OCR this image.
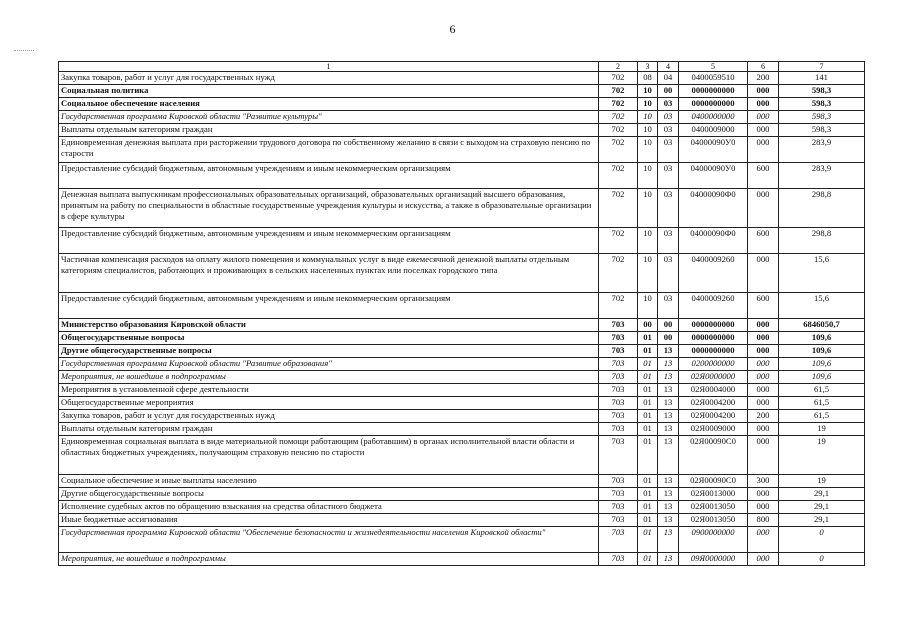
6
1	2	3	4	5	6	7
Закупка товаров, работ и услуг для государственных нужд	702	08	04	0400059510	200	141
Социальная политика	702	10	00	0000000000	000	598,3
Социальное обеспечение населения	702	10	03	0000000000	000	598,3
Государственная программа Кировской области "Развитие культуры"	702	10	03	0400000000	000	598,3
Выплаты отдельным категориям граждан	702	10	03	0400009000	000	598,3
Единовременная денежная выплата при расторжении трудового договора по собственному желанию в связи с выходом на страховую пенсию по старости	702	10	03	04000090У0	000	283,9
Предоставление субсидий бюджетным, автономным учреждениям и иным некоммерческим организациям	702	10	03	04000090У0	600	283,9
Денежная выплата выпускникам профессиональных образовательных организаций, образовательных организаций высшего образования, принятым на работу по специальности в областные государственные учреждения культуры и искусства, а также в образовательные организации в сфере культуры	702	10	03	04000090Ф0	000	298,8
Предоставление субсидий бюджетным, автономным учреждениям и иным некоммерческим организациям	702	10	03	04000090Ф0	600	298,8
Частичная компенсация расходов на оплату жилого помещения и коммунальных услуг в виде ежемесячной денежной выплаты отдельным категориям специалистов, работающих и проживающих в сельских населенных пунктах или поселках городского типа	702	10	03	0400009260	000	15,6
Предоставление субсидий бюджетным, автономным учреждениям и иным некоммерческим организациям	702	10	03	0400009260	600	15,6
Министерство образования Кировской области	703	00	00	0000000000	000	6846050,7
Общегосударственные вопросы	703	01	00	0000000000	000	109,6
Другие общегосударственные вопросы	703	01	13	0000000000	000	109,6
Государственная программа Кировской области "Развитие образования"	703	01	13	0200000000	000	109,6
Мероприятия, не вошедшие в подпрограммы	703	01	13	02Я0000000	000	109,6
Мероприятия в установленной сфере деятельности	703	01	13	02Я0004000	000	61,5
Общегосударственные мероприятия	703	01	13	02Я0004200	000	61,5
Закупка товаров, работ и услуг для государственных нужд	703	01	13	02Я0004200	200	61,5
Выплаты отдельным категориям граждан	703	01	13	02Я0009000	000	19
Единовременная социальная выплата в виде материальной помощи работающим (работавшим) в органах исполнительной власти области и областных бюджетных учреждениях, получающим страховую пенсию по старости	703	01	13	02Я00090С0	000	19
Социальное обеспечение и иные выплаты населению	703	01	13	02Я00090С0	300	19
Другие общегосударственные вопросы	703	01	13	02Я0013000	000	29,1
Исполнение судебных актов по обращению взыскания на средства областного бюджета	703	01	13	02Я0013050	000	29,1
Иные бюджетные ассигнования	703	01	13	02Я0013050	800	29,1
Государственная программа Кировской области "Обеспечение безопасности и жизнедеятельности населения Кировской области"	703	01	13	0900000000	000	0
Мероприятия, не вошедшие в подпрограммы	703	01	13	09Я0000000	000	0
